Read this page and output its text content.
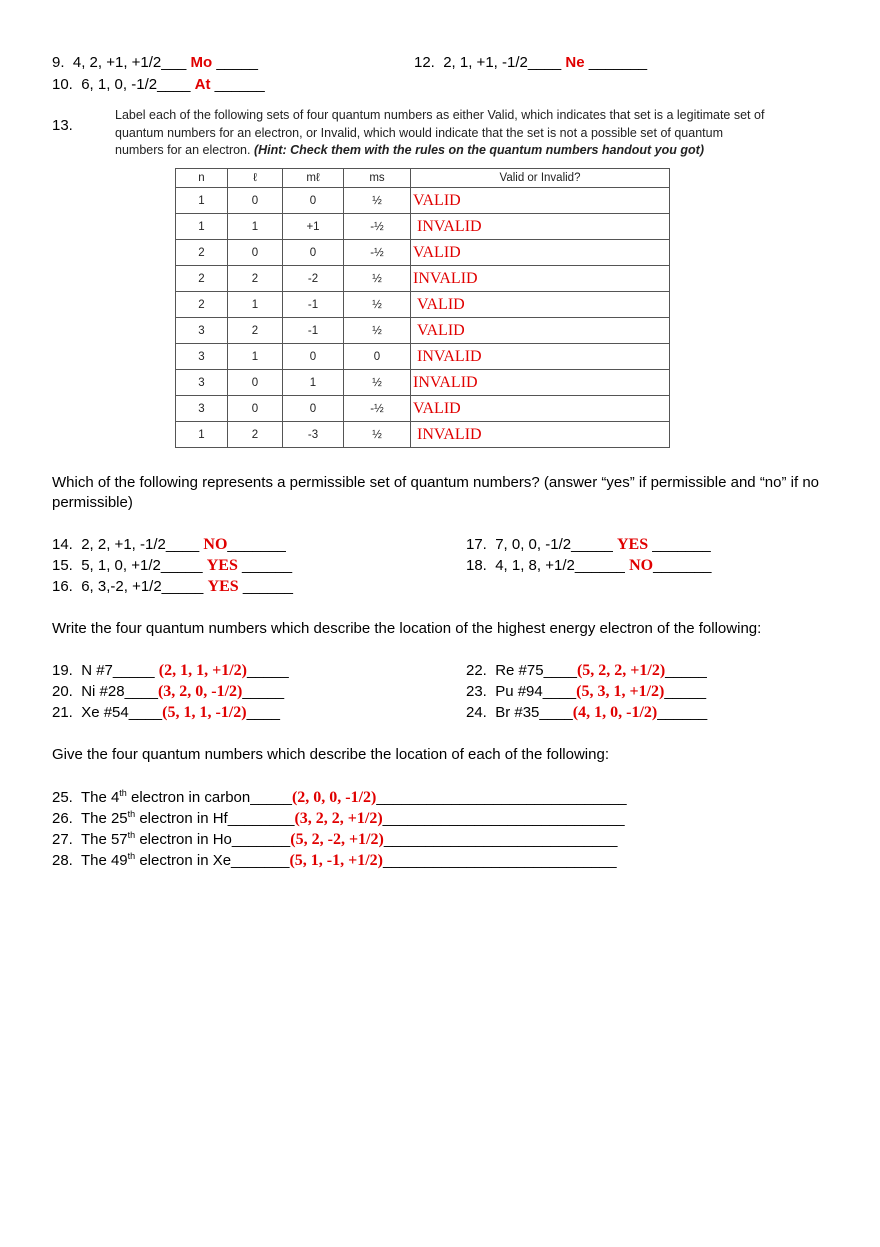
9. 4, 2, +1, +1/2___ Mo _____	12. 2, 1, +1, -1/2____ Ne _______
10. 6, 1, 0, -1/2____ At ______
13.
Label each of the following sets of four quantum numbers as either Valid, which indicates that set is a legitimate set of quantum numbers for an electron, or Invalid, which would indicate that the set is not a possible set of quantum numbers for an electron. (Hint: Check them with the rules on the quantum numbers handout you got)
n	ℓ	mℓ	ms	Valid or Invalid?
1	0	0	½	VALID
1	1	+1	-½	INVALID
2	0	0	-½	VALID
2	2	-2	½	INVALID
2	1	-1	½	VALID
3	2	-1	½	VALID
3	1	0	0	INVALID
3	0	1	½	INVALID
3	0	0	-½	VALID
1	2	-3	½	INVALID
Which of the following represents a permissible set of quantum numbers? (answer “yes” if permissible and “no” if no permissible)
14. 2, 2, +1, -1/2____ NO_______
15. 5, 1, 0, +1/2_____ YES ______
16. 6, 3,-2, +1/2_____ YES ______
17. 7, 0, 0, -1/2_____ YES _______
18. 4, 1, 8, +1/2______ NO_______
Write the four quantum numbers which describe the location of the highest energy electron of the following:
19. N #7_____ (2, 1, 1, +1/2)_____
20. Ni #28____(3, 2, 0, -1/2)_____
21. Xe #54____(5, 1, 1, -1/2)____
22. Re #75____(5, 2, 2, +1/2)_____
23. Pu #94____(5, 3, 1, +1/2)_____
24. Br #35____(4, 1, 0, -1/2)______
Give the four quantum numbers which describe the location of each of the following:
25. The 4th electron in carbon_____(2, 0, 0, -1/2)______________________________
26. The 25th electron in Hf________(3, 2, 2, +1/2)_____________________________
27. The 57th electron in Ho_______(5, 2, -2, +1/2)____________________________
28. The 49th electron in Xe_______(5, 1, -1, +1/2)____________________________
